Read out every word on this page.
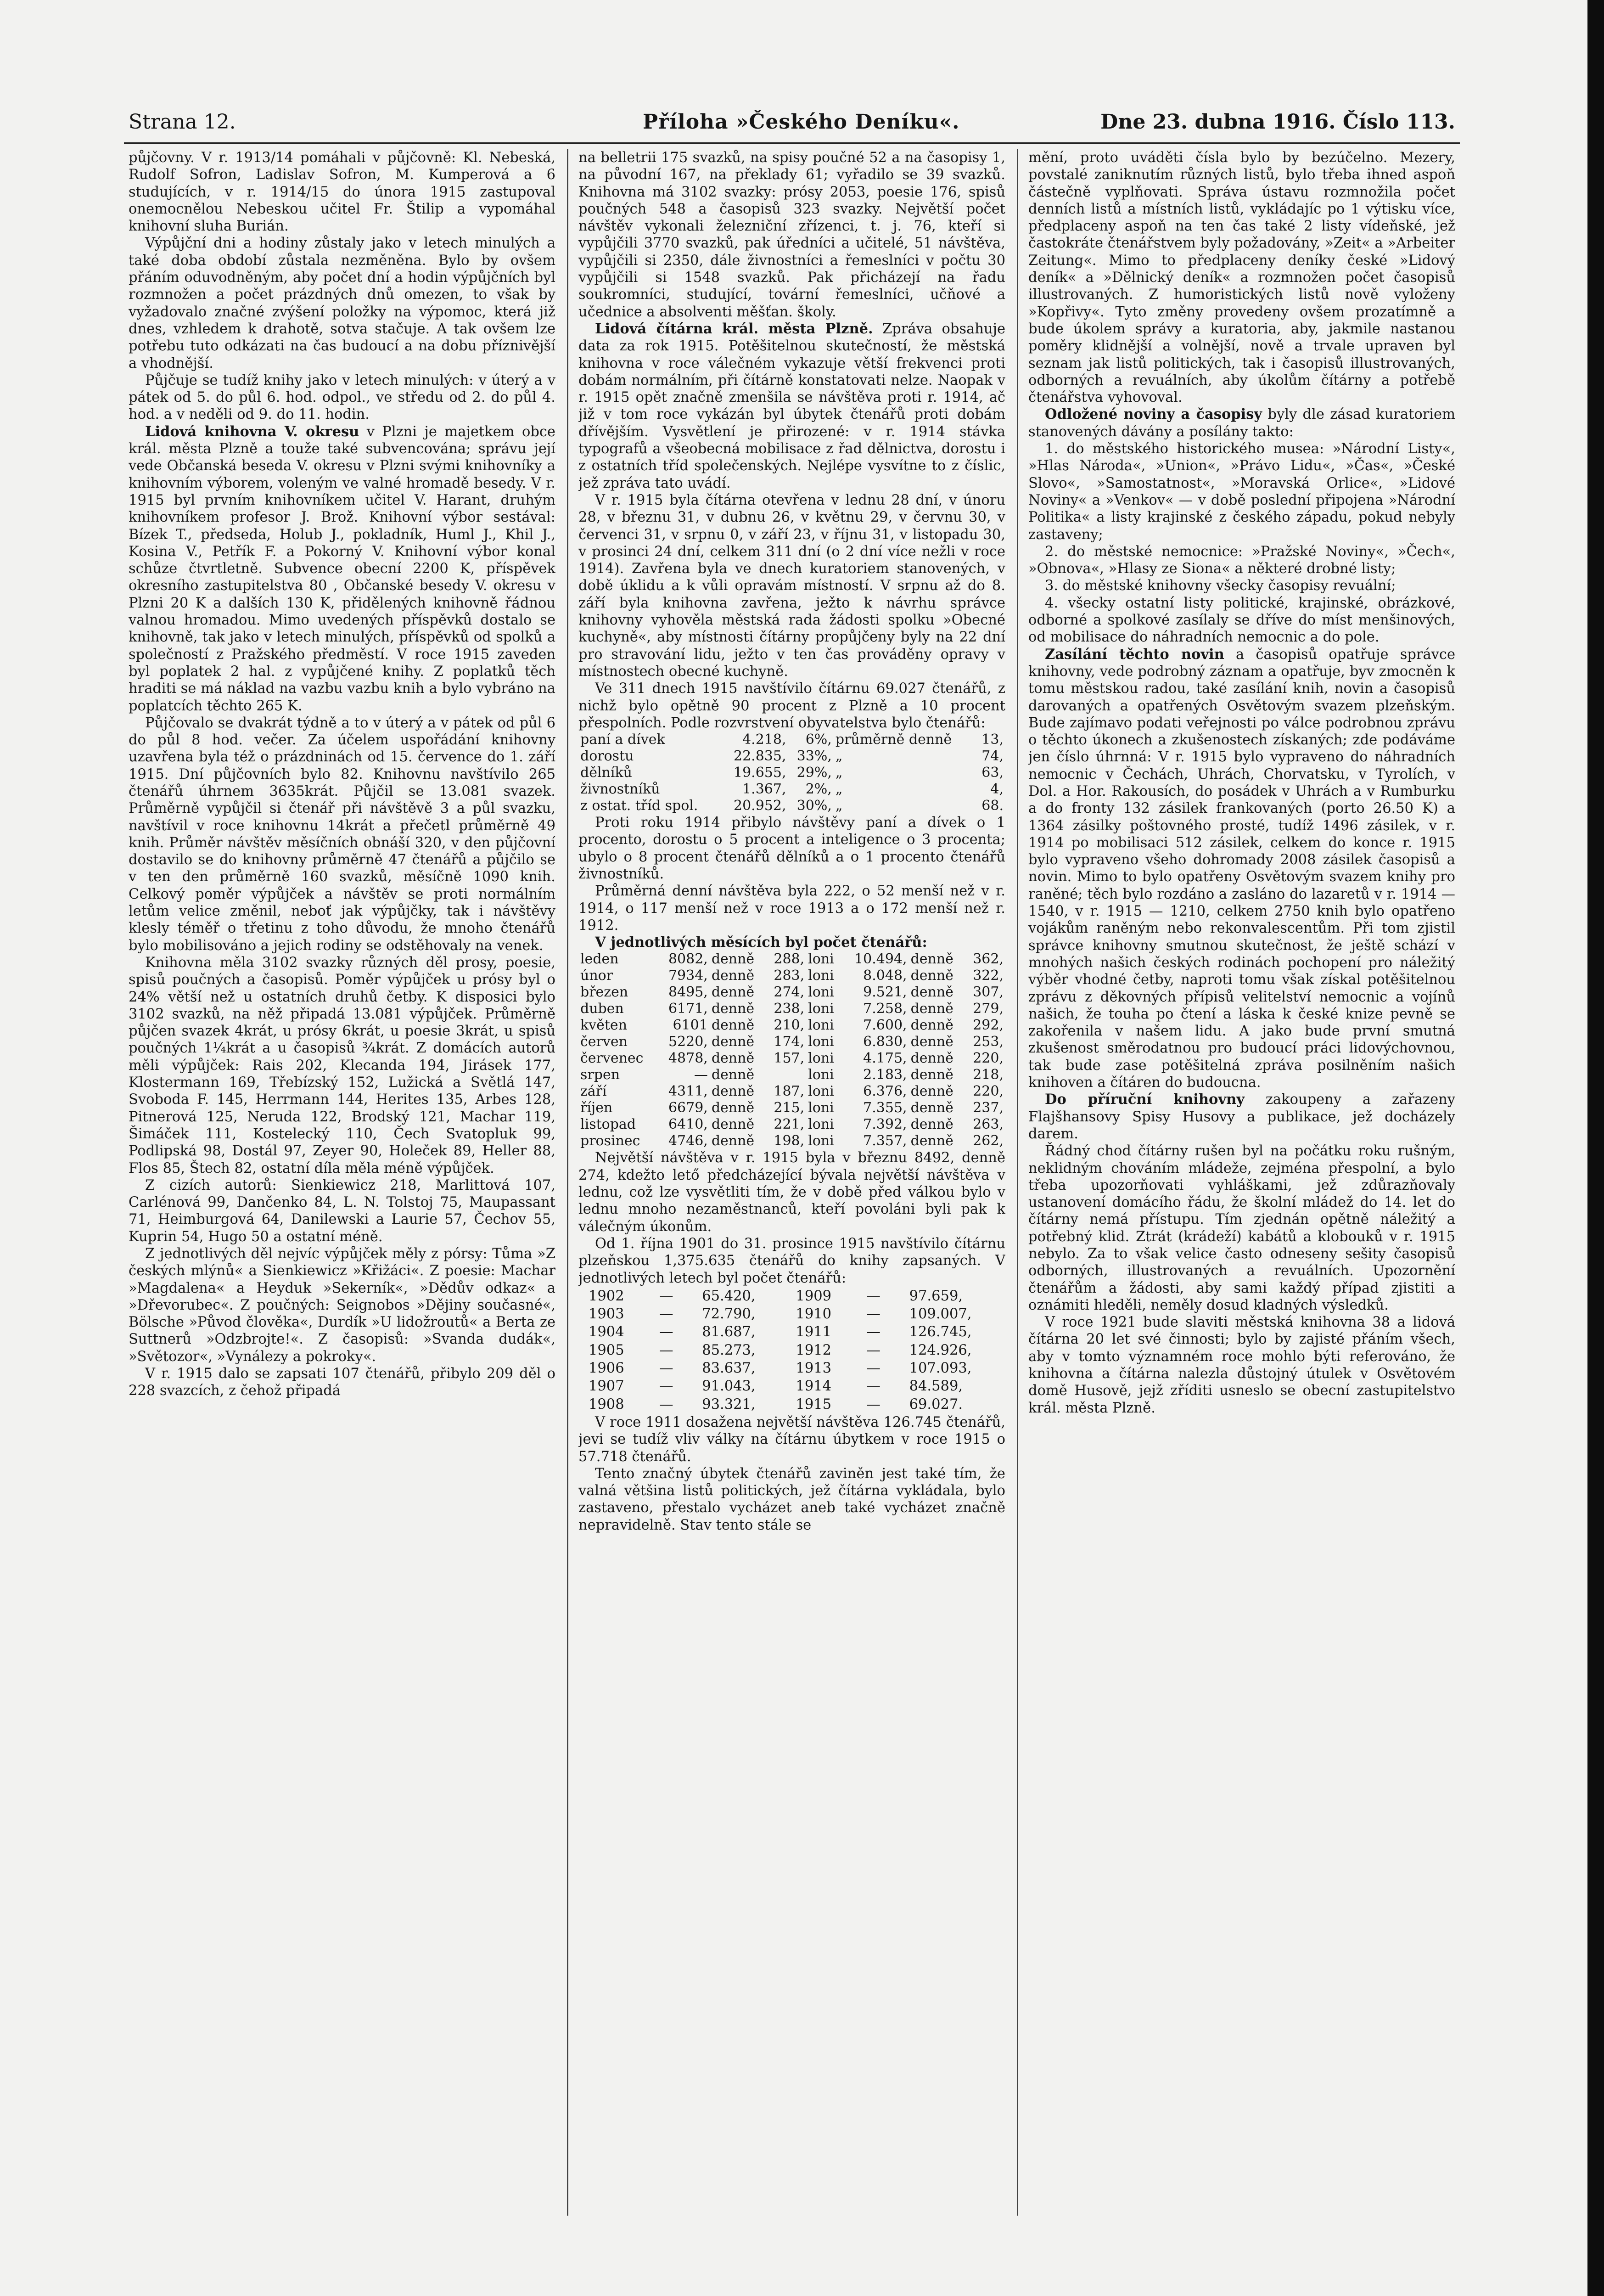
Strana 12.	Příloha »Českého Deníku«.	Dne 23. dubna 1916. Číslo 113.

půjčovny. V r. 1913/14 pomáhali v půjčovně: Kl. Nebeská, Rudolf Sofron, Ladislav Sofron, M. Kumperová a 6 studujících, v r. 1914/15 do února 1915 zastupoval onemocnělou Nebeskou učitel Fr. Štilip a vypomáhal knihovní sluha Burián.

Výpůjční dni a hodiny zůstaly jako v letech minulých a také doba období zůstala nezměněna. Bylo by ovšem přáním oduvodněným, aby počet dní a hodin výpůjčních byl rozmnožen a počet prázdných dnů omezen, to však by vyžadovalo značné zvýšení položky na výpomoc, která již dnes, vzhledem k drahotě, sotva stačuje. A tak ovšem lze potřebu tuto odkázati na čas budoucí a na dobu příznivější a vhodnější.

Půjčuje se tudíž knihy jako v letech minulých: v úterý a v pátek od 5. do půl 6. hod. odpol., ve středu od 2. do půl 4. hod. a v neděli od 9. do 11. hodin.

Lidová knihovna V. okresu v Plzni je majetkem obce král. města Plzně a touže také subvencována; správu její vede Občanská beseda V. okresu v Plzni svými knihovníky a knihovním výborem, voleným ve valné hromadě besedy. V r. 1915 byl prvním knihovníkem učitel V. Harant, druhým knihovníkem profesor J. Brož. Knihovní výbor sestával: Bízek T., předseda, Holub J., pokladník, Huml J., Khil J., Kosina V., Petřík F. a Pokorný V. Knihovní výbor konal schůze čtvrtletně. Subvence obecní 2200 K, příspěvek okresního zastupitelstva 80 , Občanské besedy V. okresu v Plzni 20 K a dalších 130 K, přidělených knihovně řádnou valnou hromadou. Mimo uvedených příspěvků dostalo se knihovně, tak jako v letech minulých, příspěvků od spolků a společností z Pražského předměstí. V roce 1915 zaveden byl poplatek 2 hal. z vypůjčené knihy. Z poplatků těch hraditi se má náklad na vazbu vazbu knih a bylo vybráno na poplatcích těchto 265 K.

Půjčovalo se dvakrát týdně a to v úterý a v pátek od půl 6 do půl 8 hod. večer. Za účelem uspořádání knihovny uzavřena byla též o prázdninách od 15. července do 1. září 1915. Dní půjčovních bylo 82. Knihovnu navštívilo 265 čtenářů úhrnem 3635krát. Půjčil se 13.081 svazek. Průměrně vypůjčil si čtenář při návštěvě 3 a půl svazku, navštívil v roce knihovnu 14krát a přečetl průměrně 49 knih. Průměr návštěv měsíčních obnáší 320, v den půjčovní dostavilo se do knihovny průměrně 47 čtenářů a půjčilo se v ten den průměrně 160 svazků, měsíčně 1090 knih. Celkový poměr výpůjček a návštěv se proti normálním letům velice změnil, neboť jak výpůjčky, tak i návštěvy klesly téměř o třetinu z toho důvodu, že mnoho čtenářů bylo mobilisováno a jejich rodiny se odstěhovaly na venek.

Knihovna měla 3102 svazky různých děl prosy, poesie, spisů poučných a časopisů. Poměr výpůjček u prósy byl o 24% větší než u ostatních druhů četby. K disposici bylo 3102 svazků, na něž připadá 13.081 výpůjček. Průměrně půjčen svazek 4krát, u prósy 6krát, u poesie 3krát, u spisů poučných 1¼krát a u časopisů ¾krát. Z domácích autorů měli výpůjček: Rais 202, Klecanda 194, Jirásek 177, Klostermann 169, Třebízský 152, Lužická a Světlá 147, Svoboda F. 145, Herrmann 144, Herites 135, Arbes 128, Pitnerová 125, Neruda 122, Brodský 121, Machar 119, Šimáček 111, Kostelecký 110, Čech Svatopluk 99, Podlipská 98, Dostál 97, Zeyer 90, Holeček 89, Heller 88, Flos 85, Štech 82, ostatní díla měla méně výpůjček.

Z cizích autorů: Sienkiewicz 218, Marlittová 107, Carlénová 99, Dančenko 84, L. N. Tolstoj 75, Maupassant 71, Heimburgová 64, Danilewski a Laurie 57, Čechov 55, Kuprin 54, Hugo 50 a ostatní méně.

Z jednotlivých děl nejvíc výpůjček měly z pórsy: Tůma »Z českých mlýnů« a Sienkiewicz »Křižáci«. Z poesie: Machar »Magdalena« a Heyduk »Sekerník«, »Dědův odkaz« a »Dřevorubec«. Z poučných: Seignobos »Dějiny současné«, Bölsche »Původ člověka«, Durdík »U lidožroutů« a Berta ze Suttnerů »Odzbrojte!«. Z časopisů: »Svanda dudák«, »Světozor«, »Vynálezy a pokroky«.

V r. 1915 dalo se zapsati 107 čtenářů, přibylo 209 děl o 228 svazcích, z čehož připadá

na belletrii 175 svazků, na spisy poučné 52 a na časopisy 1, na původní 167, na překlady 61; vyřadilo se 39 svazků. Knihovna má 3102 svazky: prósy 2053, poesie 176, spisů poučných 548 a časopisů 323 svazky. Největší počet návštěv vykonali železniční zřízenci, t. j. 76, kteří si vypůjčili 3770 svazků, pak úředníci a učitelé, 51 návštěva, vypůjčili si 2350, dále živnostníci a řemeslníci v počtu 30 vypůjčili si 1548 svazků. Pak přicházejí na řadu soukromníci, studující, tovární řemeslníci, učňové a učednice a absolventi měšťan. školy.

Lidová čítárna král. města Plzně. Zpráva obsahuje data za rok 1915. Potěšitelnou skutečností, že městská knihovna v roce válečném vykazuje větší frekvenci proti dobám normálním, při čítárně konstatovati nelze. Naopak v r. 1915 opět značně zmenšila se návštěva proti r. 1914, ač již v tom roce vykázán byl úbytek čtenářů proti dobám dřívějším. Vysvětlení je přirozené: v r. 1914 stávka typografů a všeobecná mobilisace z řad dělnictva, dorostu i z ostatních tříd společenských. Nejlépe vysvítne to z číslic, jež zpráva tato uvádí.

V r. 1915 byla čítárna otevřena v lednu 28 dní, v únoru 28, v březnu 31, v dubnu 26, v květnu 29, v červnu 30, v červenci 31, v srpnu 0, v září 23, v říjnu 31, v listopadu 30, v prosinci 24 dní, celkem 311 dní (o 2 dní více nežli v roce 1914). Zavřena byla ve dnech kuratoriem stanovených, v době úklidu a k vůli opravám místností. V srpnu až do 8. září byla knihovna zavřena, ježto k návrhu správce knihovny vyhověla městská rada žádosti spolku »Obecné kuchyně«, aby místnosti čítárny propůjčeny byly na 22 dní pro stravování lidu, ježto v ten čas prováděny opravy v místnostech obecné kuchyně.

Ve 311 dnech 1915 navštívilo čítárnu 69.027 čtenářů, z nichž bylo opětně 90 procent z Plzně a 10 procent přespolních. Podle rozvrstvení obyvatelstva bylo čtenářů:

paní a dívek	4.218,	6%,	průměrně denně	13,
dorostu	22.835,	33%,	„	74,
dělníků	19.655,	29%,	„	63,
živnostníků	1.367,	2%,	„	4,
z ostat. tříd spol.	20.952,	30%,	„	68.

Proti roku 1914 přibylo návštěvy paní a dívek o 1 procento, dorostu o 5 procent a inteligence o 3 procenta; ubylo o 8 procent čtenářů dělníků a o 1 procento čtenářů živnostníků.

Průměrná denní návštěva byla 222, o 52 menší než v r. 1914, o 117 menší než v roce 1913 a o 172 menší než r. 1912.

V jednotlivých měsících byl počet čtenářů:

leden	8082,	denně	288,	loni	10.494,	denně	362,
únor	7934,	denně	283,	loni	8.048,	denně	322,
březen	8495,	denně	274,	loni	9.521,	denně	307,
duben	6171,	denně	238,	loni	7.258,	denně	279,
květen	6101	denně	210,	loni	7.600,	denně	292,
červen	5220,	denně	174,	loni	6.830,	denně	253,
červenec	4878,	denně	157,	loni	4.175,	denně	220,
srpen	—	denně		loni	2.183,	denně	218,
září	4311,	denně	187,	loni	6.376,	denně	220,
říjen	6679,	denně	215,	loni	7.355,	denně	237,
listopad	6410,	denně	221,	loni	7.392,	denně	263,
prosinec	4746,	denně	198,	loni	7.357,	denně	262,

Největší návštěva v r. 1915 byla v březnu 8492, denně 274, kdežto lető předcházející bývala největší návštěva v lednu, což lze vysvětliti tím, že v době před válkou bylo v lednu mnoho nezaměstnanců, kteří povoláni byli pak k válečným úkonům.

Od 1. října 1901 do 31. prosince 1915 navštívilo čítárnu plzeňskou 1,375.635 čtenářů do knihy zapsaných. V jednotlivých letech byl počet čtenářů:

1902	—	65.420,	1909	—	97.659,
1903	—	72.790,	1910	—	109.007,
1904	—	81.687,	1911	—	126.745,
1905	—	85.273,	1912	—	124.926,
1906	—	83.637,	1913	—	107.093,
1907	—	91.043,	1914	—	84.589,
1908	—	93.321,	1915	—	69.027.

V roce 1911 dosažena největší návštěva 126.745 čtenářů, jevi se tudíž vliv války na čítárnu úbytkem v roce 1915 o 57.718 čtenářů.

Tento značný úbytek čtenářů zaviněn jest také tím, že valná většina listů politických, jež čítárna vykládala, bylo zastaveno, přestalo vycházet aneb také vycházet značně nepravidelně. Stav tento stále se

mění, proto uváděti čísla bylo by bezúčelno. Mezery, povstalé zaniknutím různých listů, bylo třeba ihned aspoň částečně vyplňovati. Správa ústavu rozmnožila počet denních listů a místních listů, vykládajíc po 1 výtisku více, předplaceny aspoň na ten čas také 2 listy vídeňské, jež častokráte čtenářstvem byly požadovány, »Zeit« a »Arbeiter Zeitung«. Mimo to předplaceny deníky české »Lidový deník« a »Dělnický deník« a rozmnožen počet časopisů illustrovaných. Z humoristických listů nově vyloženy »Kopřivy«. Tyto změny provedeny ovšem prozatímně a bude úkolem správy a kuratoria, aby, jakmile nastanou poměry klidnější a volnější, nově a trvale upraven byl seznam jak listů politických, tak i časopisů illustrovaných, odborných a revuálních, aby úkolům čítárny a potřebě čtenářstva vyhovoval.

Odložené noviny a časopisy byly dle zásad kuratoriem stanovených dávány a posílány takto:

1. do městského historického musea: »Národní Listy«, »Hlas Národa«, »Union«, »Právo Lidu«, »Čas«, »České Slovo«, »Samostatnost«, »Moravská Orlice«, »Lidové Noviny« a »Venkov« — v době poslední připojena »Národní Politika« a listy krajinské z českého západu, pokud nebyly zastaveny;

2. do městské nemocnice: »Pražské Noviny«, »Čech«, »Obnova«, »Hlasy ze Siona« a některé drobné listy;

3. do městské knihovny všecky časopisy revuální;

4. všecky ostatní listy politické, krajinské, obrázkové, odborné a spolkové zasílaly se dříve do míst menšinových, od mobilisace do náhradních nemocnic a do pole.

Zasílání těchto novin a časopisů opatřuje správce knihovny, vede podrobný záznam a opatřuje, byv zmocněn k tomu městskou radou, také zasílání knih, novin a časopisů darovaných a opatřených Osvětovým svazem plzeňským. Bude zajímavo podati veřejnosti po válce podrobnou zprávu o těchto úkonech a zkušenostech získaných; zde podáváme jen číslo úhrnná: V r. 1915 bylo vypraveno do náhradních nemocnic v Čechách, Uhrách, Chorvatsku, v Tyrolích, v Dol. a Hor. Rakousích, do posádek v Uhrách a v Rumburku a do fronty 132 zásilek frankovaných (porto 26.50 K) a 1364 zásilky poštovného prosté, tudíž 1496 zásilek, v r. 1914 po mobilisaci 512 zásilek, celkem do konce r. 1915 bylo vypraveno všeho dohromady 2008 zásilek časopisů a novin. Mimo to bylo opatřeny Osvětovým svazem knihy pro raněné; těch bylo rozdáno a zasláno do lazaretů v r. 1914 — 1540, v r. 1915 — 1210, celkem 2750 knih bylo opatřeno vojákům raněným nebo rekonvalescentům. Při tom zjistil správce knihovny smutnou skutečnost, že ještě schází v mnohých našich českých rodinách pochopení pro náležitý výběr vhodné četby, naproti tomu však získal potěšitelnou zprávu z děkovných přípisů velitelství nemocnic a vojínů našich, že touha po čtení a láska k české knize pevně se zakořenila v našem lidu. A jako bude první smutná zkušenost směrodatnou pro budoucí práci lidovýchovnou, tak bude zase potěšitelná zpráva posilněním našich knihoven a čítáren do budoucna.

Do příruční knihovny zakoupeny a zařazeny Flajšhansovy Spisy Husovy a publikace, jež docházely darem.

Řádný chod čítárny rušen byl na počátku roku rušným, neklidným chováním mládeže, zejména přespolní, a bylo třeba upozorňovati vyhláškami, jež zdůrazňovaly ustanovení domácího řádu, že školní mládež do 14. let do čítárny nemá přístupu. Tím zjednán opětně náležitý a potřebný klid. Ztrát (krádeží) kabátů a klobouků v r. 1915 nebylo. Za to však velice často odneseny sešity časopisů odborných, illustrovaných a revuálních. Upozornění čtenářům a žádosti, aby sami každý případ zjistiti a oznámiti hleděli, neměly dosud kladných výsledků.

V roce 1921 bude slaviti městská knihovna 38 a lidová čítárna 20 let své činnosti; bylo by zajisté přáním všech, aby v tomto významném roce mohlo býti referováno, že knihovna a čítárna nalezla důstojný útulek v Osvětovém domě Husově, jejž zříditi usneslo se obecní zastupitelstvo král. města Plzně.
